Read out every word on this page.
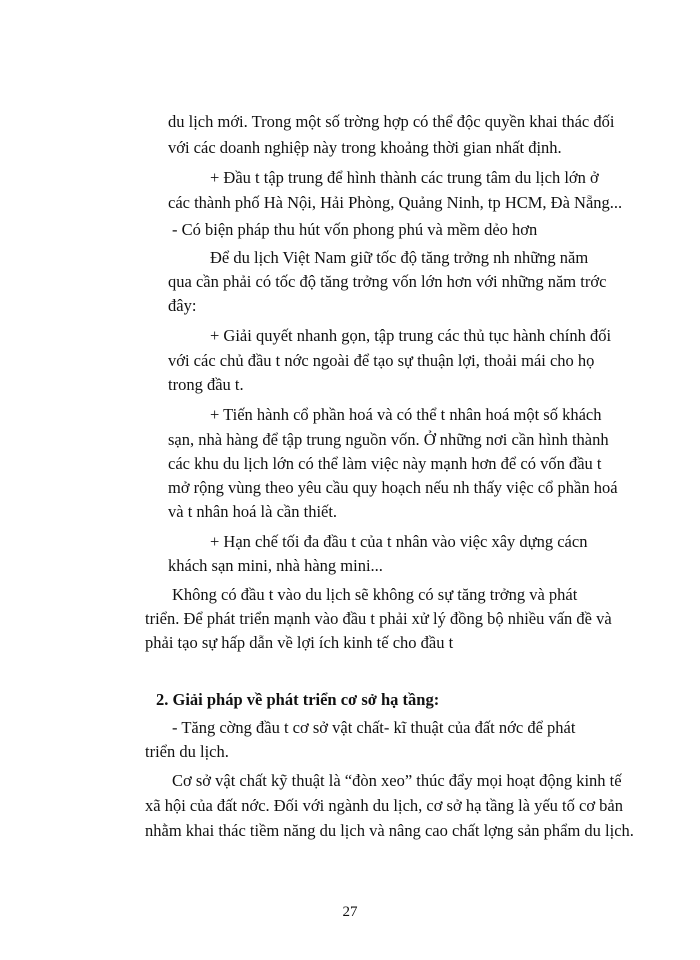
du lịch mới. Trong một số trờng hợp có thể độc quyền khai thác đối
với các doanh nghiệp này trong khoảng thời gian nhất định.
+ Đầu t tập trung để hình thành các trung tâm du lịch lớn ở
các thành phố Hà Nội, Hải Phòng, Quảng Ninh, tp HCM, Đà Nẵng...
- Có biện pháp thu hút vốn phong phú và mềm dẻo hơn
Để du lịch Việt Nam giữ tốc độ tăng trởng nh những năm
qua cần phải có tốc độ tăng trởng vốn lớn hơn với những năm trớc
đây:
+ Giải quyết nhanh gọn, tập trung các thủ tục hành chính đối
với các chủ đầu t nớc ngoài để tạo sự thuận lợi, thoải mái cho họ
trong đầu t.
+ Tiến hành cổ phần hoá và có thể t nhân hoá một số khách
sạn, nhà hàng để tập trung nguồn vốn. Ở những nơi cần hình thành
các khu du lịch lớn có thể làm việc này mạnh hơn để có vốn đầu t
mở rộng vùng theo yêu cầu quy hoạch nếu nh thấy việc cổ phần hoá
và t nhân hoá là cần thiết.
+ Hạn chế tối đa đầu t của t nhân vào việc xây dựng cácn
khách sạn mini, nhà hàng mini...
Không có đầu t vào du lịch sẽ không có sự tăng trởng và phát
triển. Để phát triển mạnh vào đầu t phải xử lý đồng bộ nhiều vấn đề và
phải tạo sự hấp dẫn về lợi ích kinh tế cho đầu t
2. Giải pháp về phát triển cơ sở hạ tầng:
- Tăng cờng đầu t cơ sở vật chất- kĩ thuật của đất nớc để phát
triển du lịch.
Cơ sở vật chất kỹ thuật là “đòn xeo” thúc đẩy mọi hoạt động kinh tế
xã hội của đất nớc. Đối với ngành du lịch, cơ sở hạ tầng là yếu tố cơ bản
nhằm khai thác tiềm năng du lịch và nâng cao chất lợng sản phẩm du lịch.
27
